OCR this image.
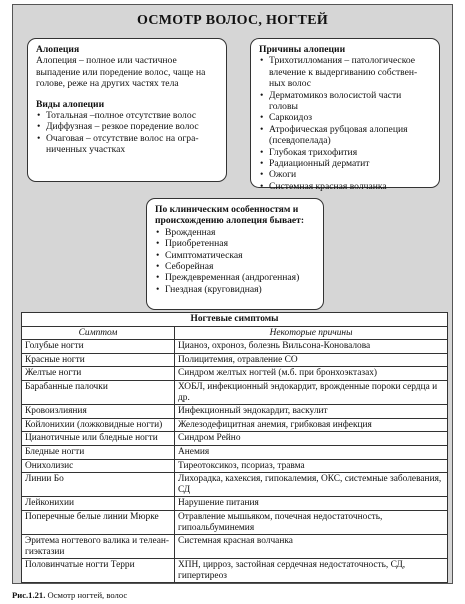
ОСМОТР ВОЛОС, НОГТЕЙ

Алопеция

Алопеция – полное или частичное выпадение или поредение волос, чаще на голове, реже на других частях тела

Виды алопеции

• Тотальная –полное отсутствие волос
• Диффузная – резкое поредение волос
• Очаговая – отсутствие волос на огра- ниченных участках

Причины алопеции

• Трихотилломания – патологическое влечение к выдергиванию собствен- ных волос
• Дерматомикоз волосистой части головы
• Саркоидоз
• Атрофическая рубцовая алопеция (псевдопелада)
• Глубокая трихофития
• Радиационный дерматит
• Ожоги
• Системная красная волчанка

По клиническим особенностям и происхождению алопеция бывает:

• Врожденная
• Приобретенная
• Симптоматическая
• Себорейная
• Преждевременная (андрогенная)
• Гнездная (круговидная)
Ногтевые симптомы	
Симптом	Некоторые причины
Голубые ногти	Цианоз, охроноз, болезнь Вильсона-Коновалова
Красные ногти	Полицитемия, отравление СО
Желтые ногти	Синдром желтых ногтей (м.б. при бронхоэктазах)
Барабанные палочки	ХОБЛ, инфекционный эндокардит, врожденные пороки сердца и др.
Кровоизлияния	Инфекционный эндокардит, васкулит
Койлонихии (ложковидные ногти)	Железодефицитная анемия, грибковая инфекция
Цианотичные или бледные ногти	Синдром Рейно
Бледные ногти	Анемия
Онихолизис	Тиреотоксикоз, псориаз, травма
Линии Бо	Лихорадка, кахексия, гипокалемия, ОКС, системные заболевания, СД
Лейконихии	Нарушение питания
Поперечные белые линии Мюрке	Отравление мышьяком, почечная недостаточность, гипоальбуминемия
Эритема ногтевого валика и телеан- гиэктазии	Системная красная волчанка
Половинчатые ногти Терри	ХПН, цирроз, застойная сердечная недостаточность, СД, гипертиреоз
Рис.1.21. Осмотр ногтей, волос
